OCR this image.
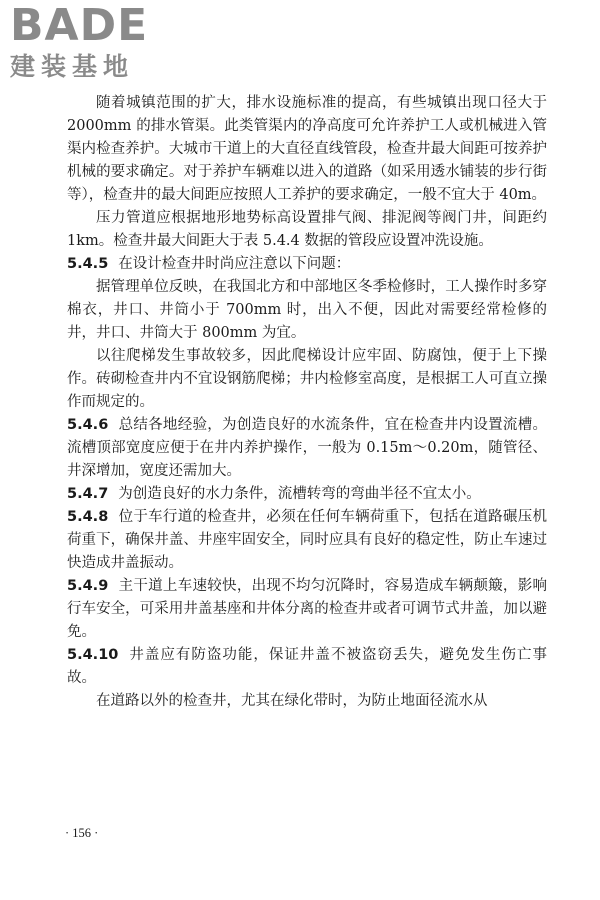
BADE
建装基地

随着城镇范围的扩大，排水设施标准的提高，有些城镇出现口径大于 2000mm 的排水管渠。此类管渠内的净高度可允许养护工人或机械进入管渠内检查养护。大城市干道上的大直径直线管段，检查井最大间距可按养护机械的要求确定。对于养护车辆难以进入的道路（如采用透水铺装的步行街等），检查井的最大间距应按照人工养护的要求确定，一般不宜大于 40m。

压力管道应根据地形地势标高设置排气阀、排泥阀等阀门井，间距约 1km。检查井最大间距大于表 5.4.4 数据的管段应设置冲洗设施。

5.4.5 在设计检查井时尚应注意以下问题：

据管理单位反映，在我国北方和中部地区冬季检修时，工人操作时多穿棉衣，井口、井筒小于 700mm 时，出入不便，因此对需要经常检修的井，井口、井筒大于 800mm 为宜。

以往爬梯发生事故较多，因此爬梯设计应牢固、防腐蚀，便于上下操作。砖砌检查井内不宜设钢筋爬梯；井内检修室高度，是根据工人可直立操作而规定的。

5.4.6 总结各地经验，为创造良好的水流条件，宜在检查井内设置流槽。流槽顶部宽度应便于在井内养护操作，一般为 0.15m～0.20m，随管径、井深增加，宽度还需加大。

5.4.7 为创造良好的水力条件，流槽转弯的弯曲半径不宜太小。

5.4.8 位于车行道的检查井，必须在任何车辆荷重下，包括在道路碾压机荷重下，确保井盖、井座牢固安全，同时应具有良好的稳定性，防止车速过快造成井盖振动。

5.4.9 主干道上车速较快，出现不均匀沉降时，容易造成车辆颠簸，影响行车安全，可采用井盖基座和井体分离的检查井或者可调节式井盖，加以避免。

5.4.10 井盖应有防盗功能，保证井盖不被盗窃丢失，避免发生伤亡事故。

在道路以外的检查井，尤其在绿化带时，为防止地面径流水从

· 156 ·
